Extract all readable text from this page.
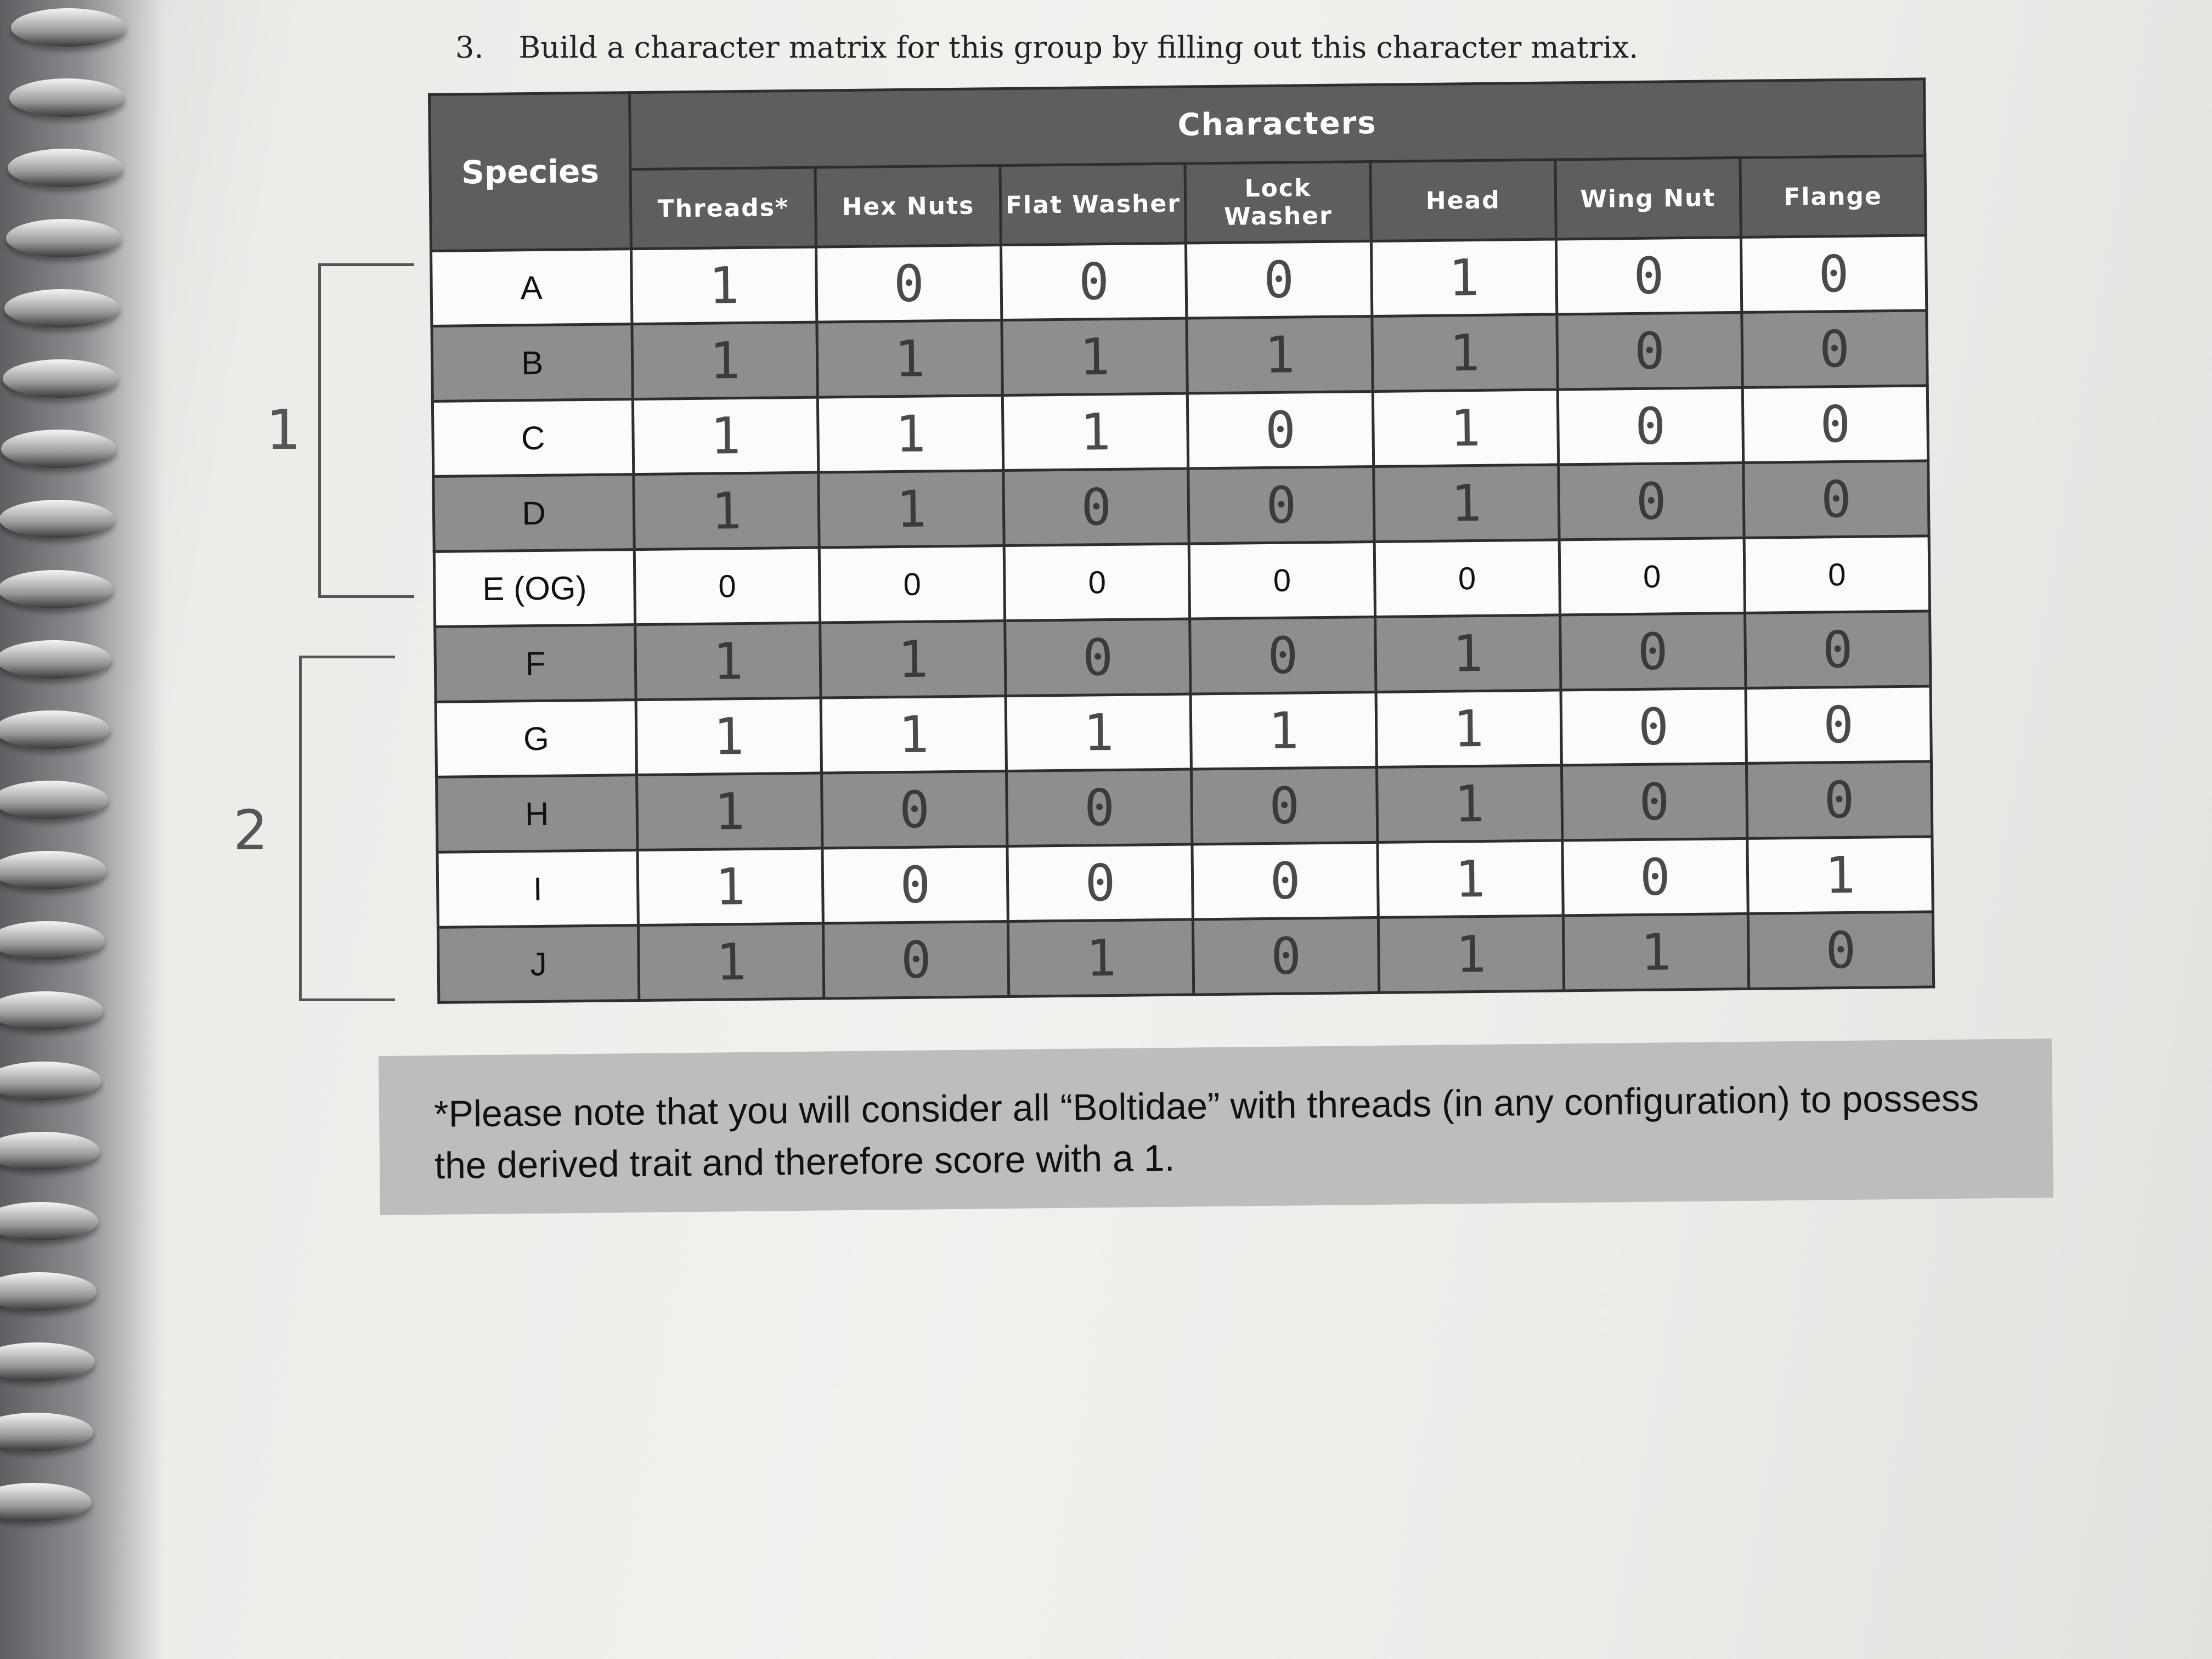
3. Build a character matrix for this group by filling out this character matrix.
Species	Characters						
	Threads*	Hex Nuts	Flat Washer	Lock Washer	Head	Wing Nut	Flange
A	1	0	0	0	1	0	0
B	1	1	1	1	1	0	0
C	1	1	1	0	1	0	0
D	1	1	0	0	1	0	0
E (OG)	0	0	0	0	0	0	0
F	1	1	0	0	1	0	0
G	1	1	1	1	1	0	0
H	1	0	0	0	1	0	0
I	1	0	0	0	1	0	1
J	1	0	1	0	1	1	0
1
2
*Please note that you will consider all “Boltidae” with threads (in any configuration) to possess the derived trait and therefore score with a 1.
